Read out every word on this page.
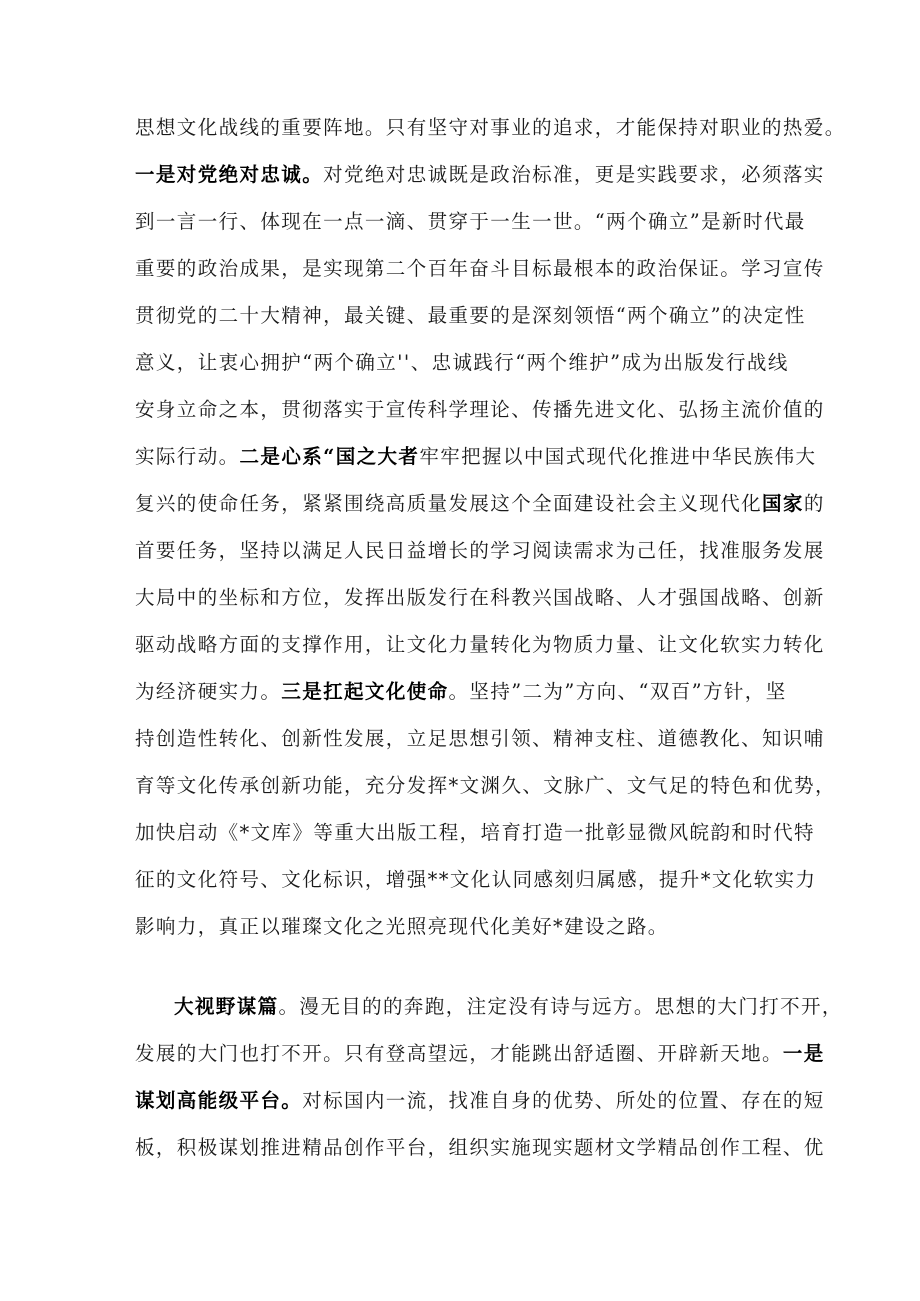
思想文化战线的重要阵地。只有坚守对事业的追求，才能保持对职业的热爱。
一是对党绝对忠诚。对党绝对忠诚既是政治标准，更是实践要求，必须落实
到一言一行、体现在一点一滴、贯穿于一生一世。“两个确立”是新时代最
重要的政治成果，是实现第二个百年奋斗目标最根本的政治保证。学习宣传
贯彻党的二十大精神，最关键、最重要的是深刻领悟“两个确立”的决定性
意义，让衷心拥护“两个确立''、忠诚践行“两个维护”成为出版发行战线
安身立命之本，贯彻落实于宣传科学理论、传播先进文化、弘扬主流价值的
实际行动。二是心系“国之大者牢牢把握以中国式现代化推进中华民族伟大
复兴的使命任务，紧紧围绕高质量发展这个全面建设社会主义现代化国家的
首要任务，坚持以满足人民日益增长的学习阅读需求为己任，找准服务发展
大局中的坐标和方位，发挥出版发行在科教兴国战略、人才强国战略、创新
驱动战略方面的支撑作用，让文化力量转化为物质力量、让文化软实力转化
为经济硬实力。三是扛起文化使命。坚持”二为”方向、“双百”方针，坚
持创造性转化、创新性发展，立足思想引领、精神支柱、道德教化、知识哺
育等文化传承创新功能，充分发挥*文渊久、文脉广、文气足的特色和优势，
加快启动《*文库》等重大出版工程，培育打造一批彰显微风皖韵和时代特
征的文化符号、文化标识，增强**文化认同感刻归属感，提升*文化软实力
影响力，真正以璀璨文化之光照亮现代化美好*建设之路。
大视野谋篇。漫无目的的奔跑，注定没有诗与远方。思想的大门打不开，
发展的大门也打不开。只有登高望远，才能跳出舒适圈、开辟新天地。一是
谋划高能级平台。对标国内一流，找准自身的优势、所处的位置、存在的短
板，积极谋划推进精品创作平台，组织实施现实题材文学精品创作工程、优
